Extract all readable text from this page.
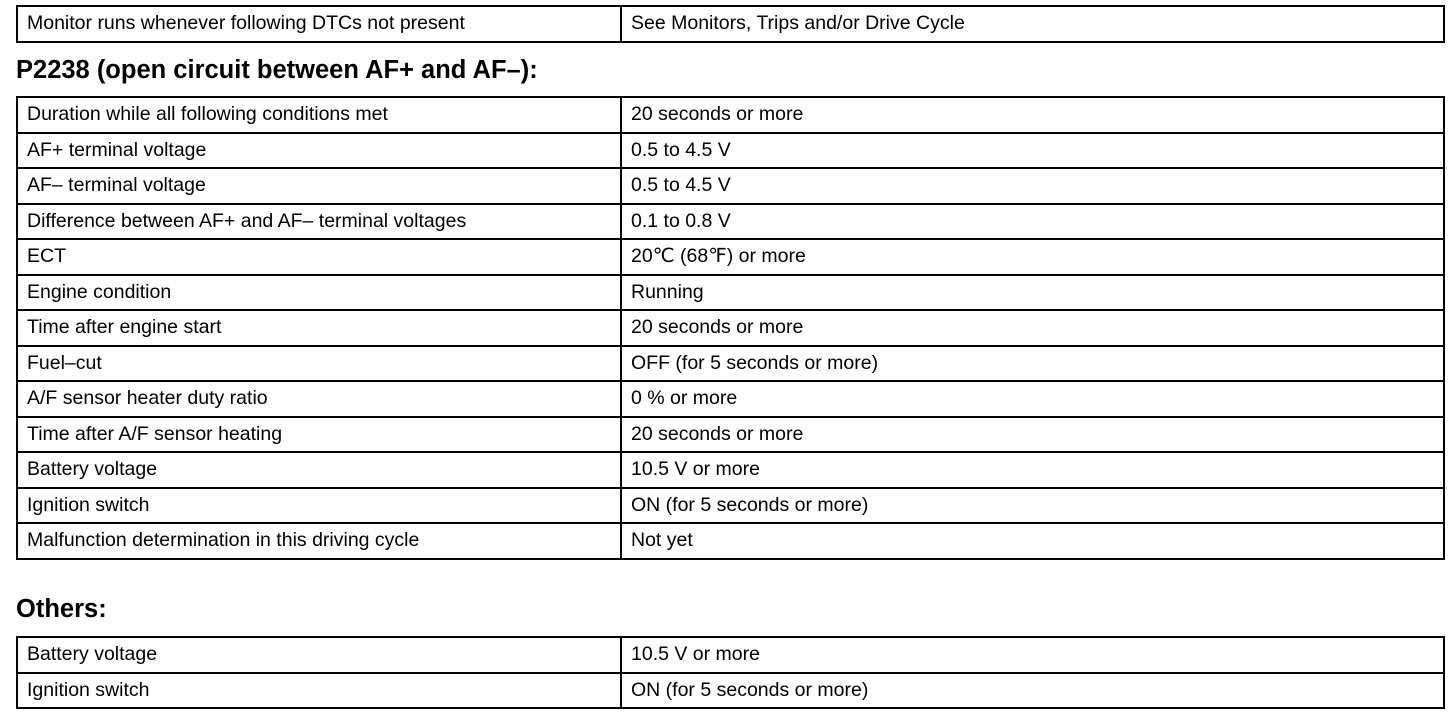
Monitor runs whenever following DTCs not present	See Monitors, Trips and/or Drive Cycle
P2238 (open circuit between AF+ and AF–):
Duration while all following conditions met	20 seconds or more
AF+ terminal voltage	0.5 to 4.5 V
AF– terminal voltage	0.5 to 4.5 V
Difference between AF+ and AF– terminal voltages	0.1 to 0.8 V
ECT	20℃ (68℉) or more
Engine condition	Running
Time after engine start	20 seconds or more
Fuel–cut	OFF (for 5 seconds or more)
A/F sensor heater duty ratio	0 % or more
Time after A/F sensor heating	20 seconds or more
Battery voltage	10.5 V or more
Ignition switch	ON (for 5 seconds or more)
Malfunction determination in this driving cycle	Not yet
Others:
Battery voltage	10.5 V or more
Ignition switch	ON (for 5 seconds or more)
